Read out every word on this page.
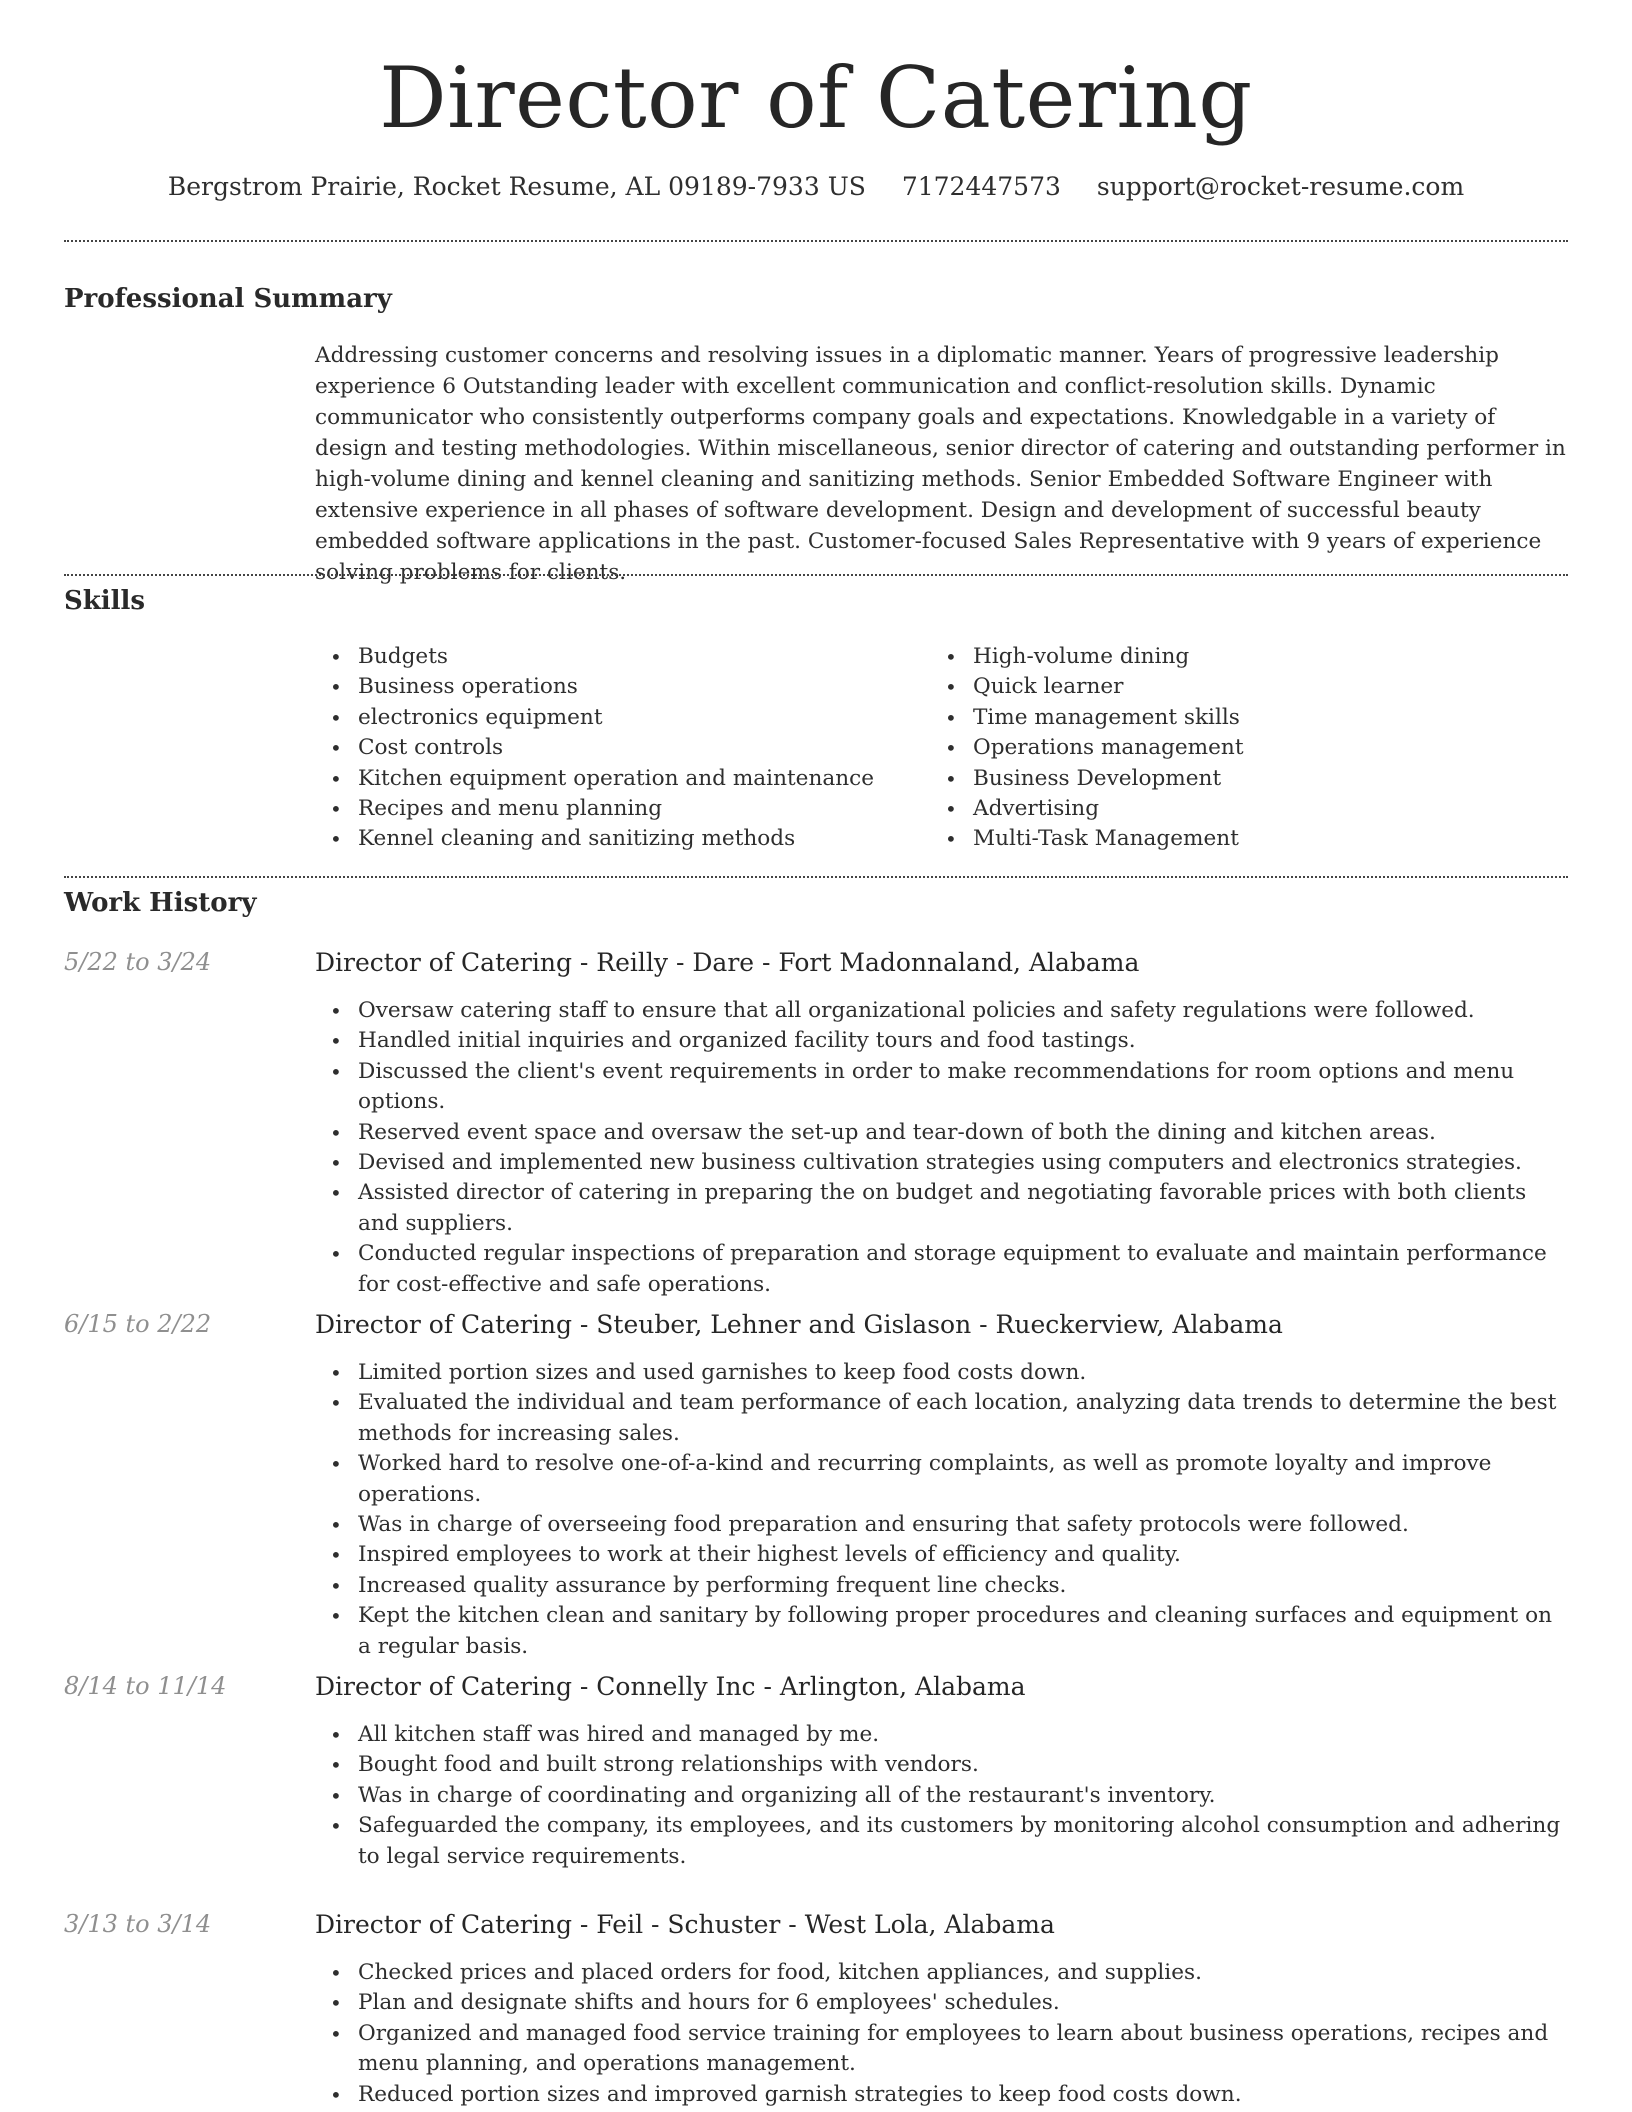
Director of Catering
Bergstrom Prairie, Rocket Resume, AL 09189-7933 US 7172447573 support@rocket-resume.com
Professional Summary

Addressing customer concerns and resolving issues in a diplomatic manner. Years of progressive leadership experience 6 Outstanding leader with excellent communication and conflict-resolution skills. Dynamic communicator who consistently outperforms company goals and expectations. Knowledgable in a variety of design and testing methodologies. Within miscellaneous, senior director of catering and outstanding performer in high-volume dining and kennel cleaning and sanitizing methods. Senior Embedded Software Engineer with extensive experience in all phases of software development. Design and development of successful beauty embedded software applications in the past. Customer-focused Sales Representative with 9 years of experience solving problems for clients.

Skills
• Budgets
• Business operations
• electronics equipment
• Cost controls
• Kitchen equipment operation and maintenance
• Recipes and menu planning
• Kennel cleaning and sanitizing methods
• High-volume dining
• Quick learner
• Time management skills
• Operations management
• Business Development
• Advertising
• Multi-Task Management
Work History
5/22 to 3/24	Director of Catering - Reilly - Dare - Fort Madonnaland, Alabama
• Oversaw catering staff to ensure that all organizational policies and safety regulations were followed.
• Handled initial inquiries and organized facility tours and food tastings.
• Discussed the client's event requirements in order to make recommendations for room options and menu options.
• Reserved event space and oversaw the set-up and tear-down of both the dining and kitchen areas.
• Devised and implemented new business cultivation strategies using computers and electronics strategies.
• Assisted director of catering in preparing the on budget and negotiating favorable prices with both clients and suppliers.
• Conducted regular inspections of preparation and storage equipment to evaluate and maintain performance for cost-effective and safe operations.
6/15 to 2/22	Director of Catering - Steuber, Lehner and Gislason - Rueckerview, Alabama
• Limited portion sizes and used garnishes to keep food costs down.
• Evaluated the individual and team performance of each location, analyzing data trends to determine the best methods for increasing sales.
• Worked hard to resolve one-of-a-kind and recurring complaints, as well as promote loyalty and improve operations.
• Was in charge of overseeing food preparation and ensuring that safety protocols were followed.
• Inspired employees to work at their highest levels of efficiency and quality.
• Increased quality assurance by performing frequent line checks.
• Kept the kitchen clean and sanitary by following proper procedures and cleaning surfaces and equipment on a regular basis.
8/14 to 11/14	Director of Catering - Connelly Inc - Arlington, Alabama
• All kitchen staff was hired and managed by me.
• Bought food and built strong relationships with vendors.
• Was in charge of coordinating and organizing all of the restaurant's inventory.
• Safeguarded the company, its employees, and its customers by monitoring alcohol consumption and adhering to legal service requirements.
3/13 to 3/14	Director of Catering - Feil - Schuster - West Lola, Alabama
• Checked prices and placed orders for food, kitchen appliances, and supplies.
• Plan and designate shifts and hours for 6 employees' schedules.
• Organized and managed food service training for employees to learn about business operations, recipes and menu planning, and operations management.
• Reduced portion sizes and improved garnish strategies to keep food costs down.
